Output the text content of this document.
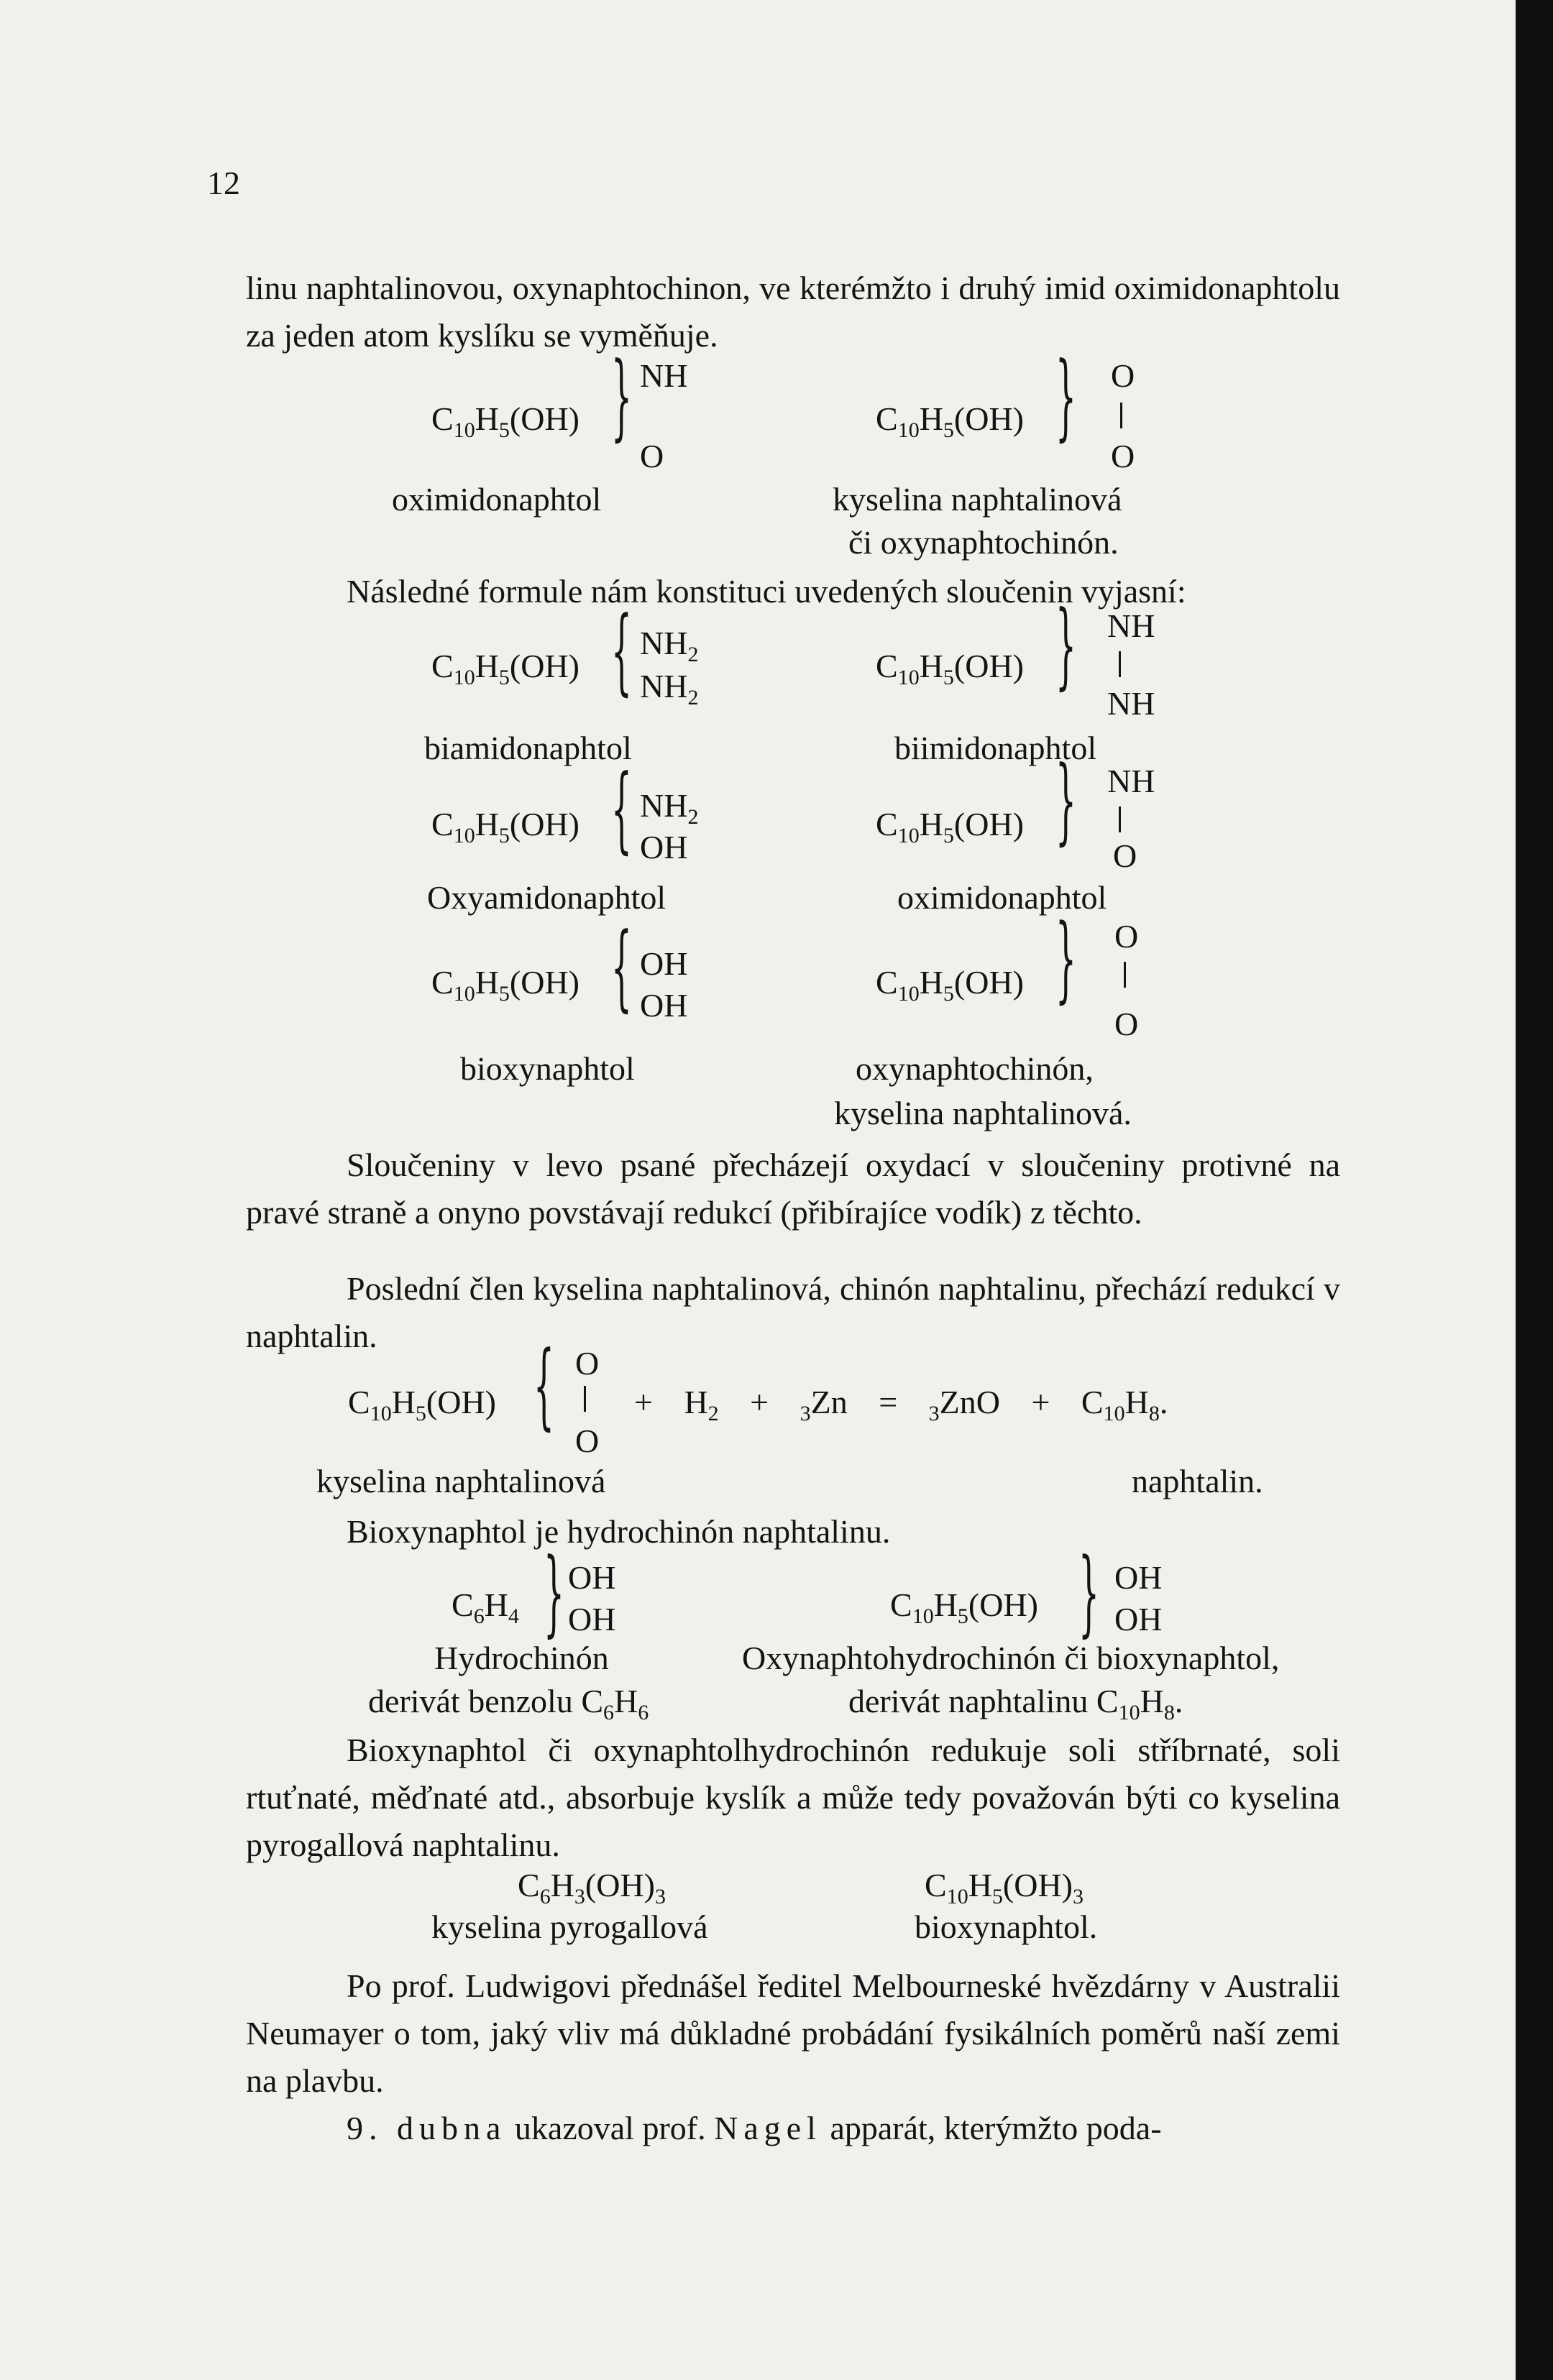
12
linu naphtalinovou, oxynaphtochinon, ve kterémžto i druhý imid oximidonaphtolu za jeden atom kyslíku se vyměňuje.
$C_{10}H_5(OH)$ } NH
O
oximidonaphtol
$C_{10}H_5(OH)$ } O
O
kyselina naphtalinová
či oxynaphtochinón.
Následné formule nám konstituci uvedených sloučenin vyjasní:
$C_{10}H_5(OH)$ { $NH_2$
$NH_2$
biamidonaphtol
$C_{10}H_5(OH)$ } NH
NH
biimidonaphtol
$C_{10}H_5(OH)$ { $NH_2$
OH
Oxyamidonaphtol
$C_{10}H_5(OH)$ } NH
O
oximidonaphtol
$C_{10}H_5(OH)$ { OH
OH
bioxynaphtol
$C_{10}H_5(OH)$ } O
O
oxynaphtochinón,
kyselina naphtalinová.
Sloučeniny v levo psané přecházejí oxydací v sloučeniny protivné na pravé straně a onyno povstávají redukcí (přibírajíce vodík) z těchto.
Poslední člen kyselina naphtalinová, chinón naphtalinu, přechází redukcí v naphtalin.
$C_{10}H_5(OH)$ { O
O
+ $H_2 + _3Zn = _3ZnO + C_{10}H_8$.
kyselina naphtalinová	naphtalin.
Bioxynaphtol je hydrochinón naphtalinu.
$C_6H_4$ } OH
OH
Hydrochinón
derivát benzolu $C_6H_6$
$C_{10}H_5(OH)$ } OH
OH
Oxynaphtohydrochinón či bioxynaphtol,
derivát naphtalinu $C_{10}H_8$.
Bioxynaphtol či oxynaphtolhydrochinón redukuje soli stříbrnaté, soli rtuťnaté, měďnaté atd., absorbuje kyslík a může tedy považován býti co kyselina pyrogallová naphtalinu.
$C_6H_3(OH)_3$
kyselina pyrogallová
$C_{10}H_5(OH)_3$
bioxynaphtol.
Po prof. Ludwigovi přednášel ředitel Melbourneské hvězdárny v Australii Neumayer o tom, jaký vliv má důkladné probádání fysikálních poměrů naší zemi na plavbu.
9. dubna ukazoval prof. Nagel apparát, kterýmžto poda-
